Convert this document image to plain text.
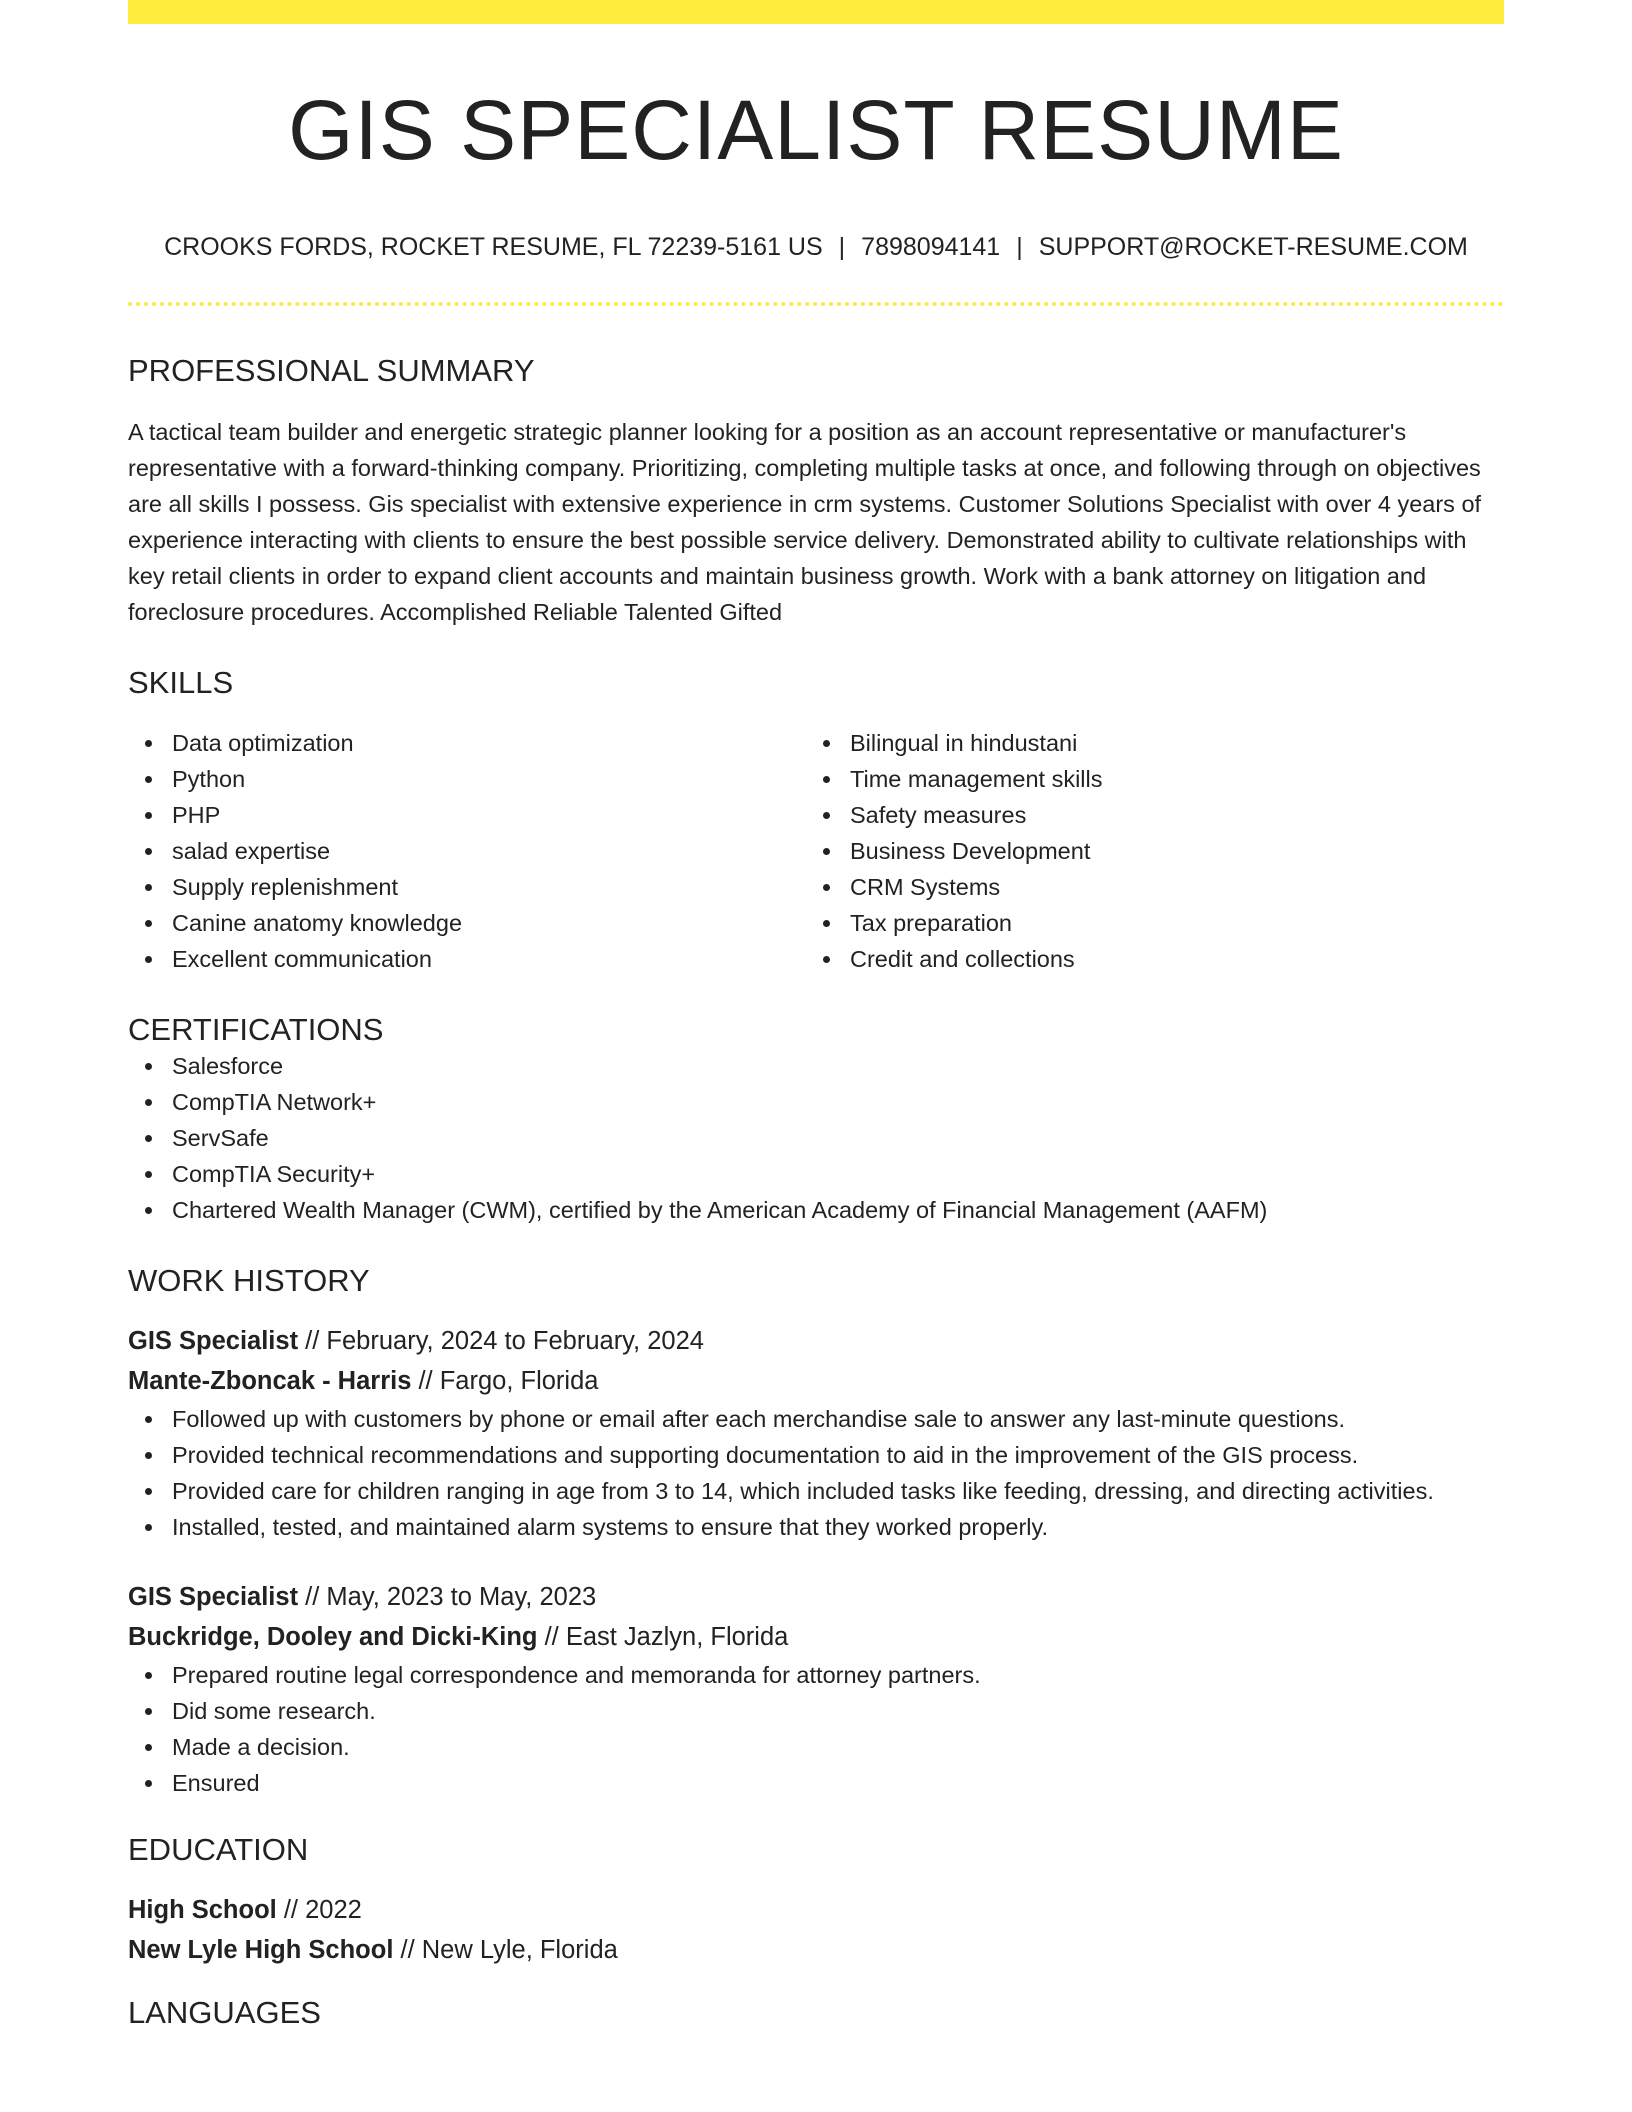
GIS SPECIALIST RESUME
CROOKS FORDS, ROCKET RESUME, FL 72239-5161 US | 7898094141 | SUPPORT@ROCKET-RESUME.COM
PROFESSIONAL SUMMARY

A tactical team builder and energetic strategic planner looking for a position as an account representative or manufacturer's representative with a forward-thinking company. Prioritizing, completing multiple tasks at once, and following through on objectives are all skills I possess. Gis specialist with extensive experience in crm systems. Customer Solutions Specialist with over 4 years of experience interacting with clients to ensure the best possible service delivery. Demonstrated ability to cultivate relationships with key retail clients in order to expand client accounts and maintain business growth. Work with a bank attorney on litigation and foreclosure procedures. Accomplished Reliable Talented Gifted

SKILLS
Data optimization
Python
PHP
salad expertise
Supply replenishment
Canine anatomy knowledge
Excellent communication
Bilingual in hindustani
Time management skills
Safety measures
Business Development
CRM Systems
Tax preparation
Credit and collections
CERTIFICATIONS
Salesforce
CompTIA Network+
ServSafe
CompTIA Security+
Chartered Wealth Manager (CWM), certified by the American Academy of Financial Management (AAFM)
WORK HISTORY
GIS Specialist // February, 2024 to February, 2024
Mante-Zboncak - Harris // Fargo, Florida
Followed up with customers by phone or email after each merchandise sale to answer any last-minute questions.
Provided technical recommendations and supporting documentation to aid in the improvement of the GIS process.
Provided care for children ranging in age from 3 to 14, which included tasks like feeding, dressing, and directing activities.
Installed, tested, and maintained alarm systems to ensure that they worked properly.
GIS Specialist // May, 2023 to May, 2023
Buckridge, Dooley and Dicki-King // East Jazlyn, Florida
Prepared routine legal correspondence and memoranda for attorney partners.
Did some research.
Made a decision.
Ensured
EDUCATION
High School // 2022
New Lyle High School // New Lyle, Florida
LANGUAGES
